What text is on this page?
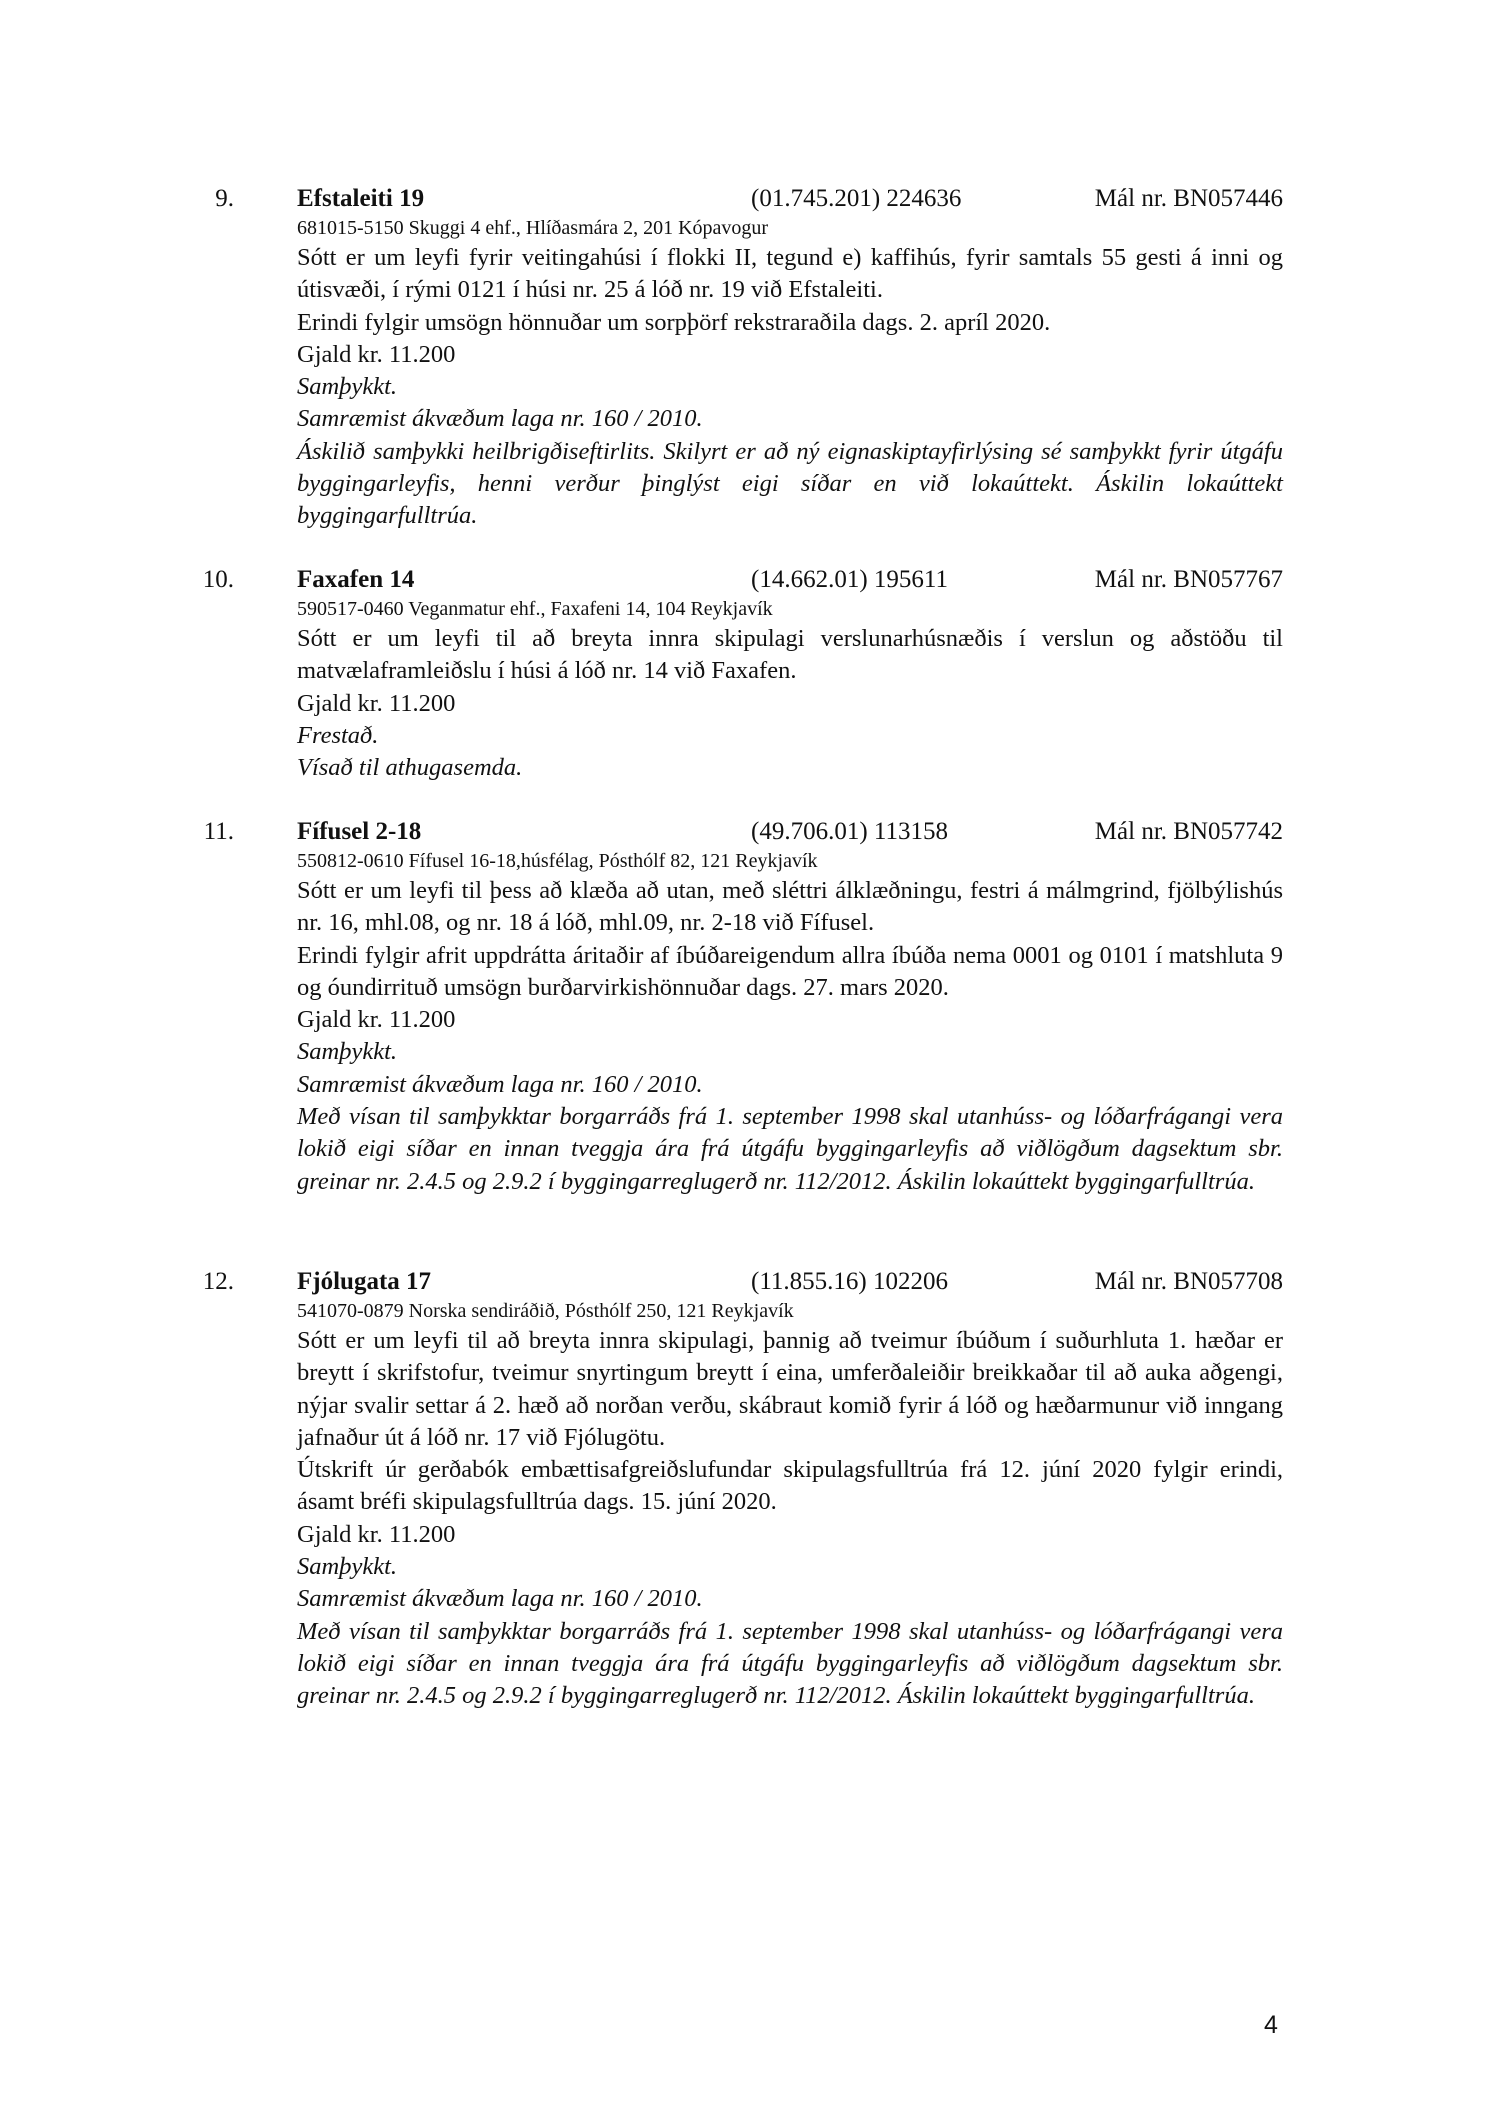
9.	Efstaleiti 19	(01.745.201) 224636	Mál nr. BN057446
681015-5150 Skuggi 4 ehf., Hlíðasmára 2, 201 Kópavogur
Sótt er um leyfi fyrir veitingahúsi í flokki II, tegund e) kaffihús, fyrir samtals 55 gesti á inni og útisvæði, í rými 0121 í húsi nr. 25 á lóð nr. 19 við Efstaleiti.
Erindi fylgir umsögn hönnuðar um sorpþörf rekstraraðila dags. 2. apríl 2020.
Gjald kr. 11.200
Samþykkt.
Samræmist ákvæðum laga nr. 160 / 2010.
Áskilið samþykki heilbrigðiseftirlits. Skilyrt er að ný eignaskiptayfirlýsing sé samþykkt fyrir útgáfu byggingarleyfis, henni verður þinglýst eigi síðar en við lokaúttekt. Áskilin lokaúttekt byggingarfulltrúa.
10.	Faxafen 14	(14.662.01) 195611	Mál nr. BN057767
590517-0460 Veganmatur ehf., Faxafeni 14, 104 Reykjavík
Sótt er um leyfi til að breyta innra skipulagi verslunarhúsnæðis í verslun og aðstöðu til matvælaframleiðslu í húsi á lóð nr. 14 við Faxafen.
Gjald kr. 11.200
Frestað.
Vísað til athugasemda.
11.	Fífusel 2-18	(49.706.01) 113158	Mál nr. BN057742
550812-0610 Fífusel 16-18,húsfélag, Pósthólf 82, 121 Reykjavík
Sótt er um leyfi til þess að klæða að utan, með sléttri álklæðningu, festri á málmgrind, fjölbýlishús nr. 16, mhl.08, og nr. 18 á lóð, mhl.09, nr. 2-18 við Fífusel.
Erindi fylgir afrit uppdrátta áritaðir af íbúðareigendum allra íbúða nema 0001 og 0101 í matshluta 9 og óundirrituð umsögn burðarvirkishönnuðar dags. 27. mars 2020.
Gjald kr. 11.200
Samþykkt.
Samræmist ákvæðum laga nr. 160 / 2010.
Með vísan til samþykktar borgarráðs frá 1. september 1998 skal utanhúss- og lóðarfrágangi vera lokið eigi síðar en innan tveggja ára frá útgáfu byggingarleyfis að viðlögðum dagsektum sbr. greinar nr. 2.4.5 og 2.9.2 í byggingarreglugerð nr. 112/2012. Áskilin lokaúttekt byggingarfulltrúa.
12.	Fjólugata 17	(11.855.16) 102206	Mál nr. BN057708
541070-0879 Norska sendiráðið, Pósthólf 250, 121 Reykjavík
Sótt er um leyfi til að breyta innra skipulagi, þannig að tveimur íbúðum í suðurhluta 1. hæðar er breytt í skrifstofur, tveimur snyrtingum breytt í eina, umferðaleiðir breikkaðar til að auka aðgengi, nýjar svalir settar á 2. hæð að norðan verðu, skábraut komið fyrir á lóð og hæðarmunur við inngang jafnaður út á lóð nr. 17 við Fjólugötu.
Útskrift úr gerðabók embættisafgreiðslufundar skipulagsfulltrúa frá 12. júní 2020 fylgir erindi, ásamt bréfi skipulagsfulltrúa dags. 15. júní 2020.
Gjald kr. 11.200
Samþykkt.
Samræmist ákvæðum laga nr. 160 / 2010.
Með vísan til samþykktar borgarráðs frá 1. september 1998 skal utanhúss- og lóðarfrágangi vera lokið eigi síðar en innan tveggja ára frá útgáfu byggingarleyfis að viðlögðum dagsektum sbr. greinar nr. 2.4.5 og 2.9.2 í byggingarreglugerð nr. 112/2012. Áskilin lokaúttekt byggingarfulltrúa.
4
